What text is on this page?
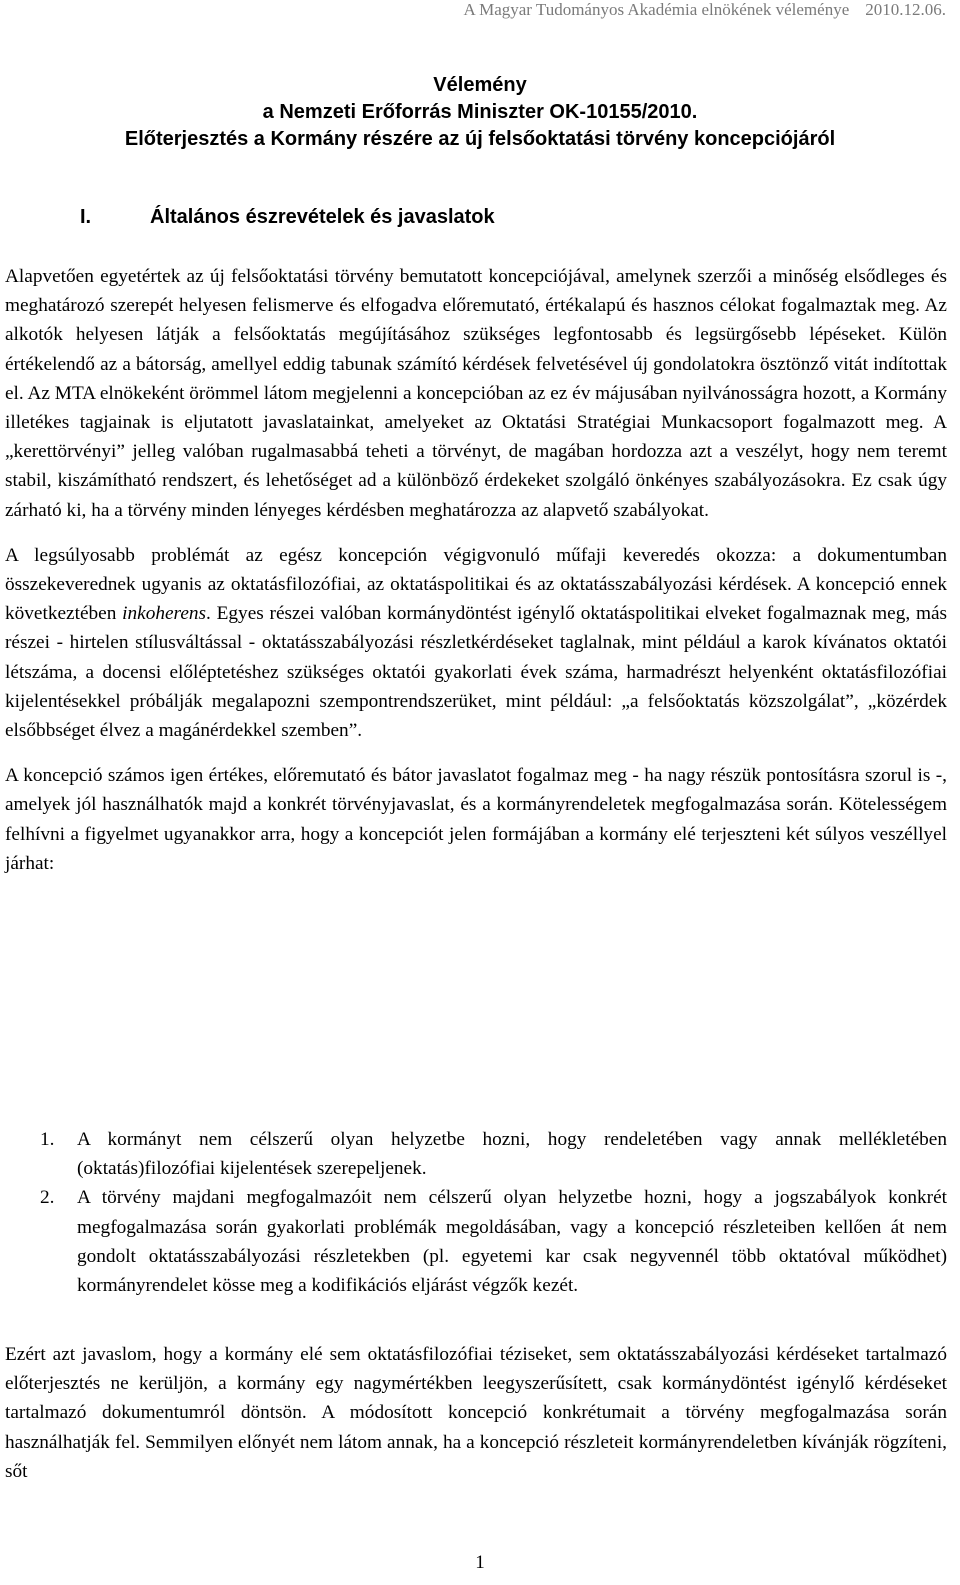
A Magyar Tudományos Akadémia elnökének véleménye 2010.12.06.
Vélemény
a Nemzeti Erőforrás Miniszter OK-10155/2010.
Előterjesztés a Kormány részére az új felsőoktatási törvény koncepciójáról
I.	Általános észrevételek és javaslatok

Alapvetően egyetértek az új felsőoktatási törvény bemutatott koncepciójával, amelynek szerzői a minőség elsődleges és meghatározó szerepét helyesen felismerve és elfogadva előremutató, értékalapú és hasznos célokat fogalmaztak meg. Az alkotók helyesen látják a felsőoktatás megújításához szükséges legfontosabb és legsürgősebb lépéseket. Külön értékelendő az a bátorság, amellyel eddig tabunak számító kérdések felvetésével új gondolatokra ösztönző vitát indítottak el. Az MTA elnökeként örömmel látom megjelenni a koncepcióban az ez év májusában nyilvánosságra hozott, a Kormány illetékes tagjainak is eljutatott javaslatainkat, amelyeket az Oktatási Stratégiai Munkacsoport fogalmazott meg. A „kerettörvényi” jelleg valóban rugalmasabbá teheti a törvényt, de magában hordozza azt a veszélyt, hogy nem teremt stabil, kiszámítható rendszert, és lehetőséget ad a különböző érdekeket szolgáló önkényes szabályozásokra. Ez csak úgy zárható ki, ha a törvény minden lényeges kérdésben meghatározza az alapvető szabályokat.

A legsúlyosabb problémát az egész koncepción végigvonuló műfaji keveredés okozza: a dokumentumban összekeverednek ugyanis az oktatásfilozófiai, az oktatáspolitikai és az oktatásszabályozási kérdések. A koncepció ennek következtében inkoherens. Egyes részei valóban kormánydöntést igénylő oktatáspolitikai elveket fogalmaznak meg, más részei - hirtelen stílusváltással - oktatásszabályozási részletkérdéseket taglalnak, mint például a karok kívánatos oktatói létszáma, a docensi előléptetéshez szükséges oktatói gyakorlati évek száma, harmadrészt helyenként oktatásfilozófiai kijelentésekkel próbálják megalapozni szempontrendszerüket, mint például: „a felsőoktatás közszolgálat”, „közérdek elsőbbséget élvez a magánérdekkel szemben”.

A koncepció számos igen értékes, előremutató és bátor javaslatot fogalmaz meg - ha nagy részük pontosításra szorul is -, amelyek jól használhatók majd a konkrét törvényjavaslat, és a kormányrendeletek megfogalmazása során. Kötelességem felhívni a figyelmet ugyanakkor arra, hogy a koncepciót jelen formájában a kormány elé terjeszteni két súlyos veszéllyel járhat:

1. A kormányt nem célszerű olyan helyzetbe hozni, hogy rendeletében vagy annak mellékletében (oktatás)filozófiai kijelentések szerepeljenek.
2. A törvény majdani megfogalmazóit nem célszerű olyan helyzetbe hozni, hogy a jogszabályok konkrét megfogalmazása során gyakorlati problémák megoldásában, vagy a koncepció részleteiben kellően át nem gondolt oktatásszabályozási részletekben (pl. egyetemi kar csak negyvennél több oktatóval működhet) kormányrendelet kösse meg a kodifikációs eljárást végzők kezét.

Ezért azt javaslom, hogy a kormány elé sem oktatásfilozófiai téziseket, sem oktatásszabályozási kérdéseket tartalmazó előterjesztés ne kerüljön, a kormány egy nagymértékben leegyszerűsített, csak kormánydöntést igénylő kérdéseket tartalmazó dokumentumról döntsön. A módosított koncepció konkrétumait a törvény megfogalmazása során használhatják fel. Semmilyen előnyét nem látom annak, ha a koncepció részleteit kormányrendeletben kívánják rögzíteni, sőt

1
